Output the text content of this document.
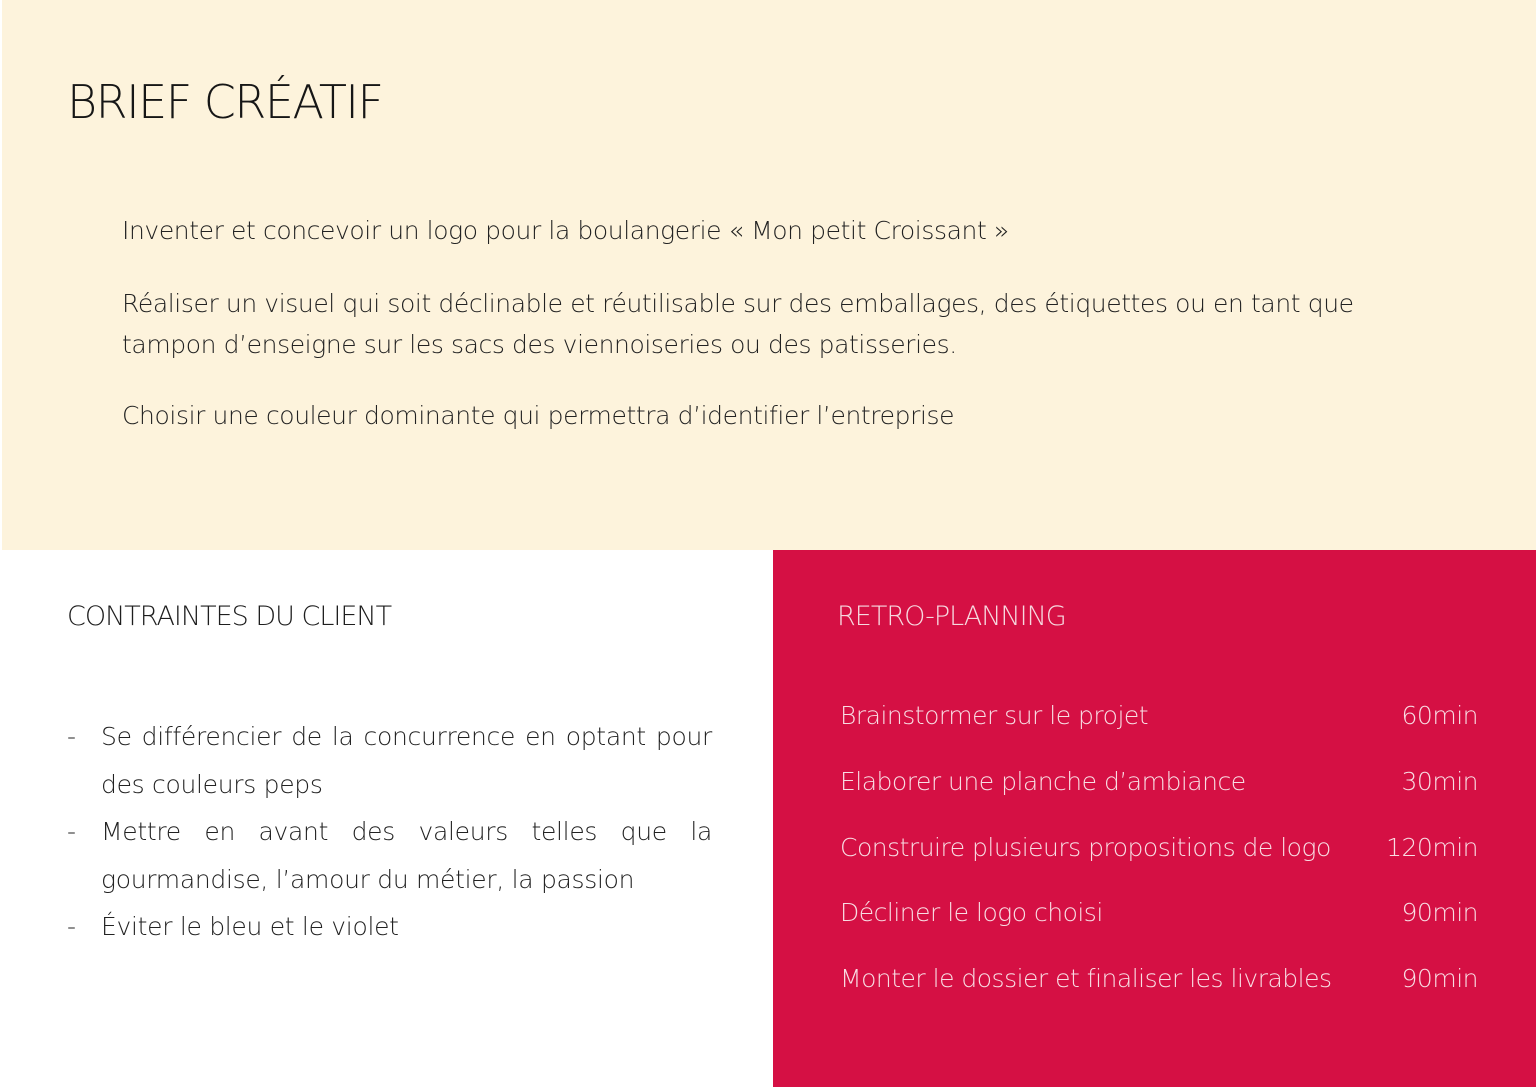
BRIEF CRÉATIF

Inventer et concevoir un logo pour la boulangerie « Mon petit Croissant »

Réaliser un visuel qui soit déclinable et réutilisable sur des emballages, des étiquettes ou en tant que tampon d’enseigne sur les sacs des viennoiseries ou des patisseries.

Choisir une couleur dominante qui permettra d’identifier l’entreprise

CONTRAINTES DU CLIENT
- Se différencier de la concurrence en optant pour des couleurs peps
- Mettre en avant des valeurs telles que la gourmandise, l’amour du métier, la passion
- Éviter le bleu et le violet
RETRO-PLANNING
Brainstormer sur le projet	60min
Elaborer une planche d’ambiance	30min
Construire plusieurs propositions de logo 120min
Décliner le logo choisi	90min
Monter le dossier et finaliser les livrables	90min
